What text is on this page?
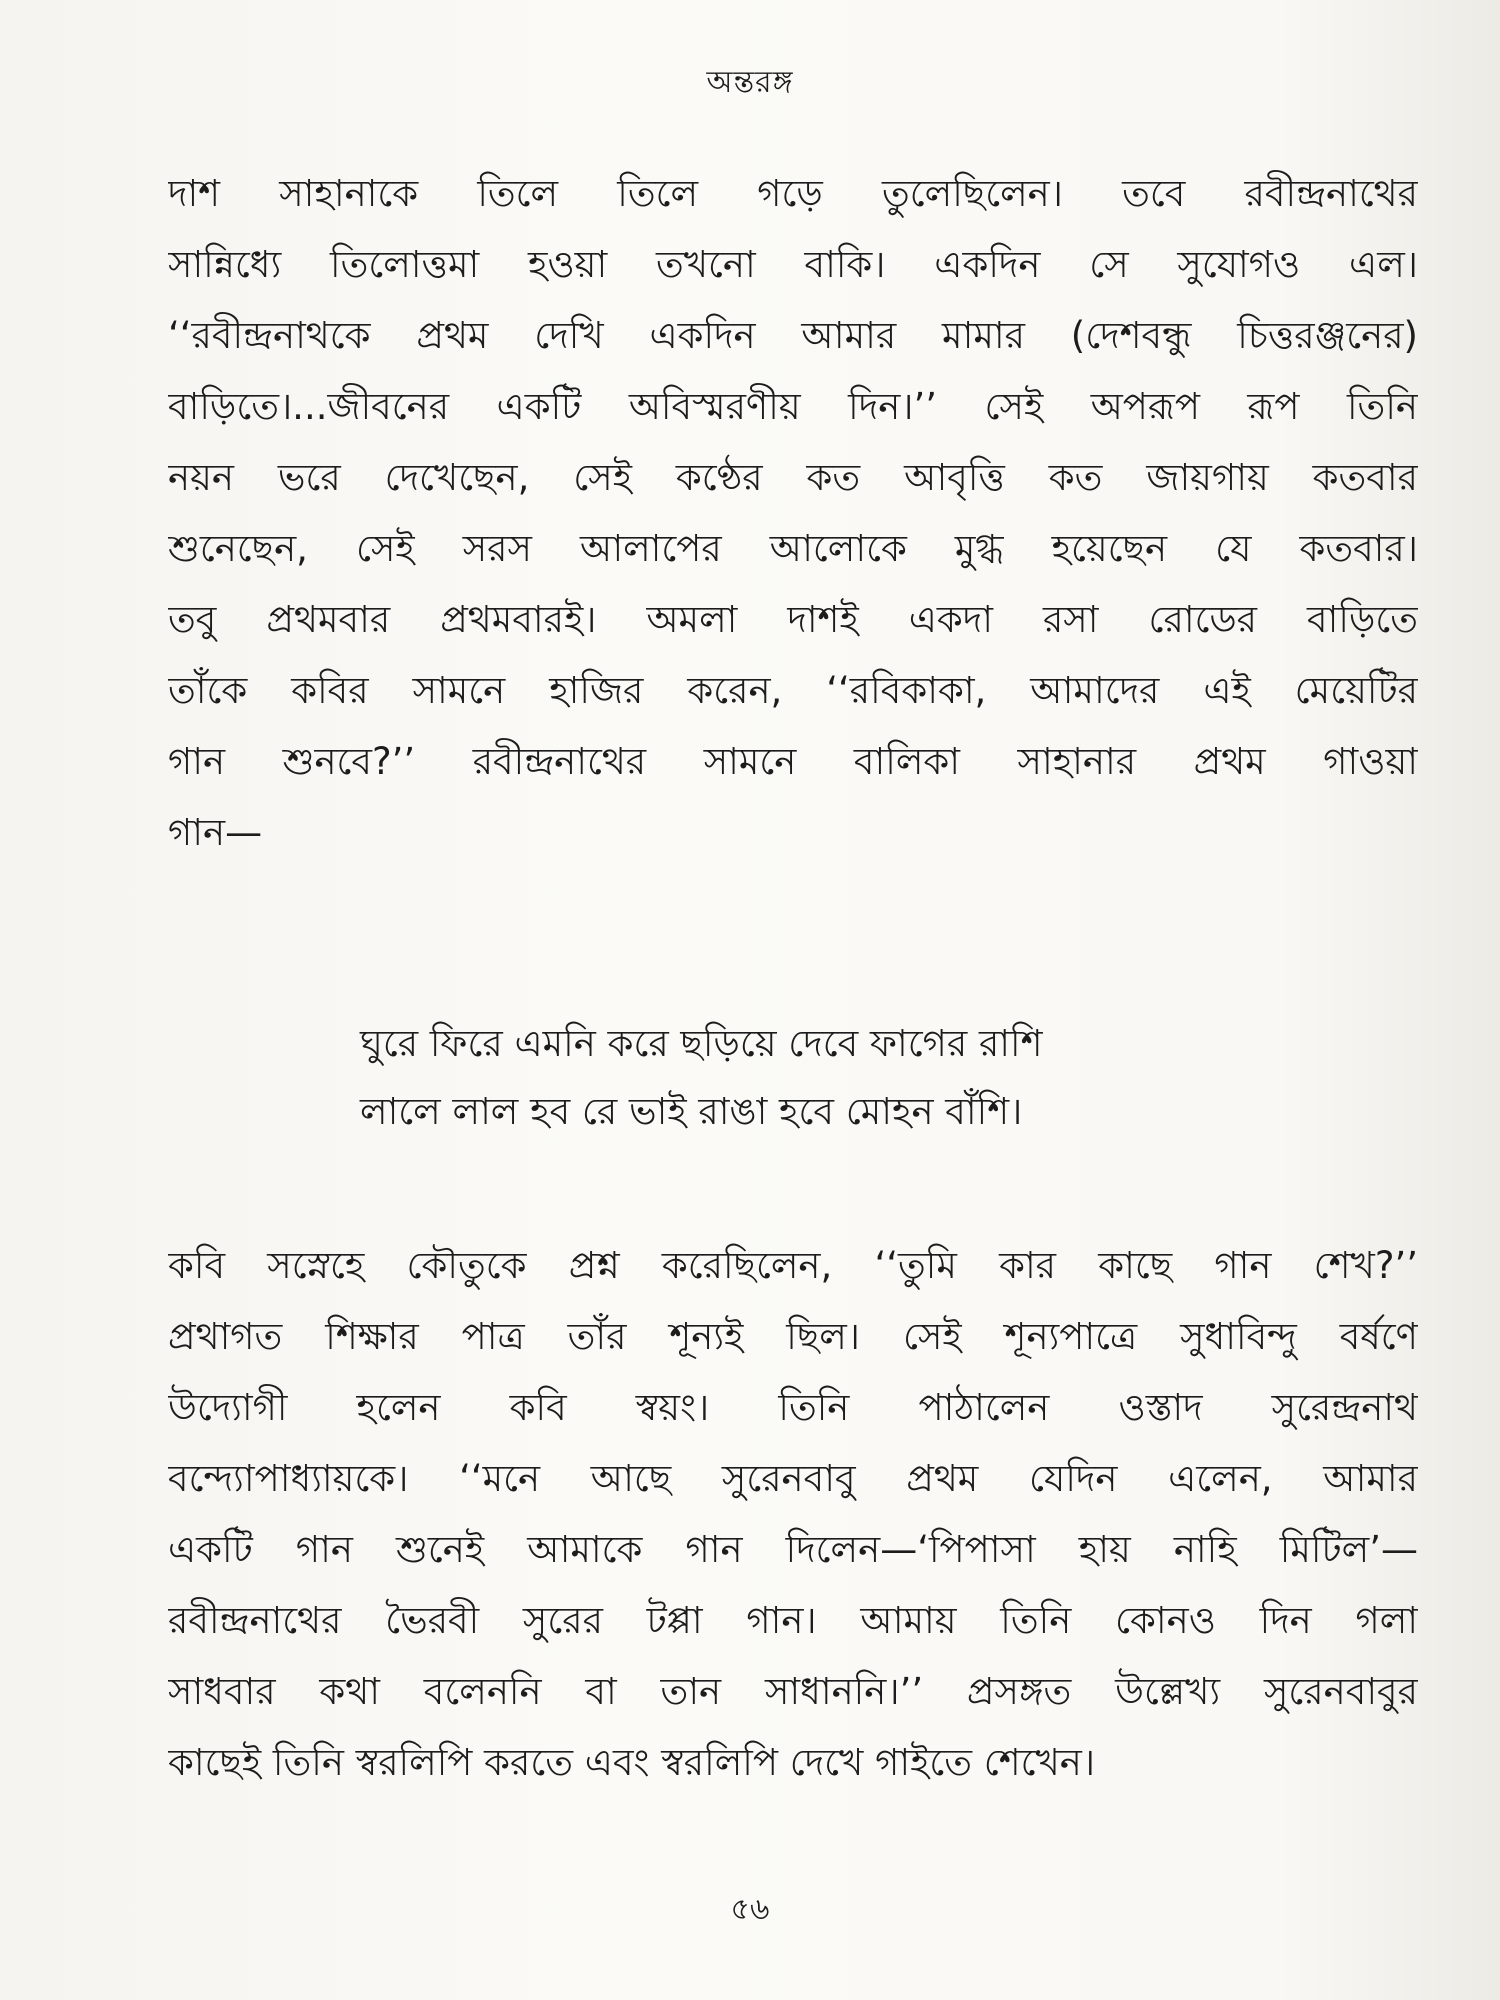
অন্তরঙ্গ
দাশ সাহানাকে তিলে তিলে গড়ে তুলেছিলেন। তবে রবীন্দ্রনাথের
সান্নিধ্যে তিলোত্তমা হওয়া তখনো বাকি। একদিন সে সুযোগও এল।
‘‘রবীন্দ্রনাথকে প্রথম দেখি একদিন আমার মামার (দেশবন্ধু চিত্তরঞ্জনের)
বাড়িতে।...জীবনের একটি অবিস্মরণীয় দিন।’’ সেই অপরূপ রূপ তিনি
নয়ন ভরে দেখেছেন, সেই কণ্ঠের কত আবৃত্তি কত জায়গায় কতবার
শুনেছেন, সেই সরস আলাপের আলোকে মুগ্ধ হয়েছেন যে কতবার।
তবু প্রথমবার প্রথমবারই। অমলা দাশই একদা রসা রোডের বাড়িতে
তাঁকে কবির সামনে হাজির করেন, ‘‘রবিকাকা, আমাদের এই মেয়েটির
গান শুনবে?’’ রবীন্দ্রনাথের সামনে বালিকা সাহানার প্রথম গাওয়া
গান—
ঘুরে ফিরে এমনি করে ছড়িয়ে দেবে ফাগের রাশি
লালে লাল হব রে ভাই রাঙা হবে মোহন বাঁশি।
কবি সস্নেহে কৌতুকে প্রশ্ন করেছিলেন, ‘‘তুমি কার কাছে গান শেখ?’’
প্রথাগত শিক্ষার পাত্র তাঁর শূন্যই ছিল। সেই শূন্যপাত্রে সুধাবিন্দু বর্ষণে
উদ্যোগী হলেন কবি স্বয়ং। তিনি পাঠালেন ওস্তাদ সুরেন্দ্রনাথ
বন্দ্যোপাধ্যায়কে। ‘‘মনে আছে সুরেনবাবু প্রথম যেদিন এলেন, আমার
একটি গান শুনেই আমাকে গান দিলেন—‘পিপাসা হায় নাহি মিটিল’—
রবীন্দ্রনাথের ভৈরবী সুরের টপ্পা গান। আমায় তিনি কোনও দিন গলা
সাধবার কথা বলেননি বা তান সাধাননি।’’ প্রসঙ্গত উল্লেখ্য সুরেনবাবুর
কাছেই তিনি স্বরলিপি করতে এবং স্বরলিপি দেখে গাইতে শেখেন।
৫৬
